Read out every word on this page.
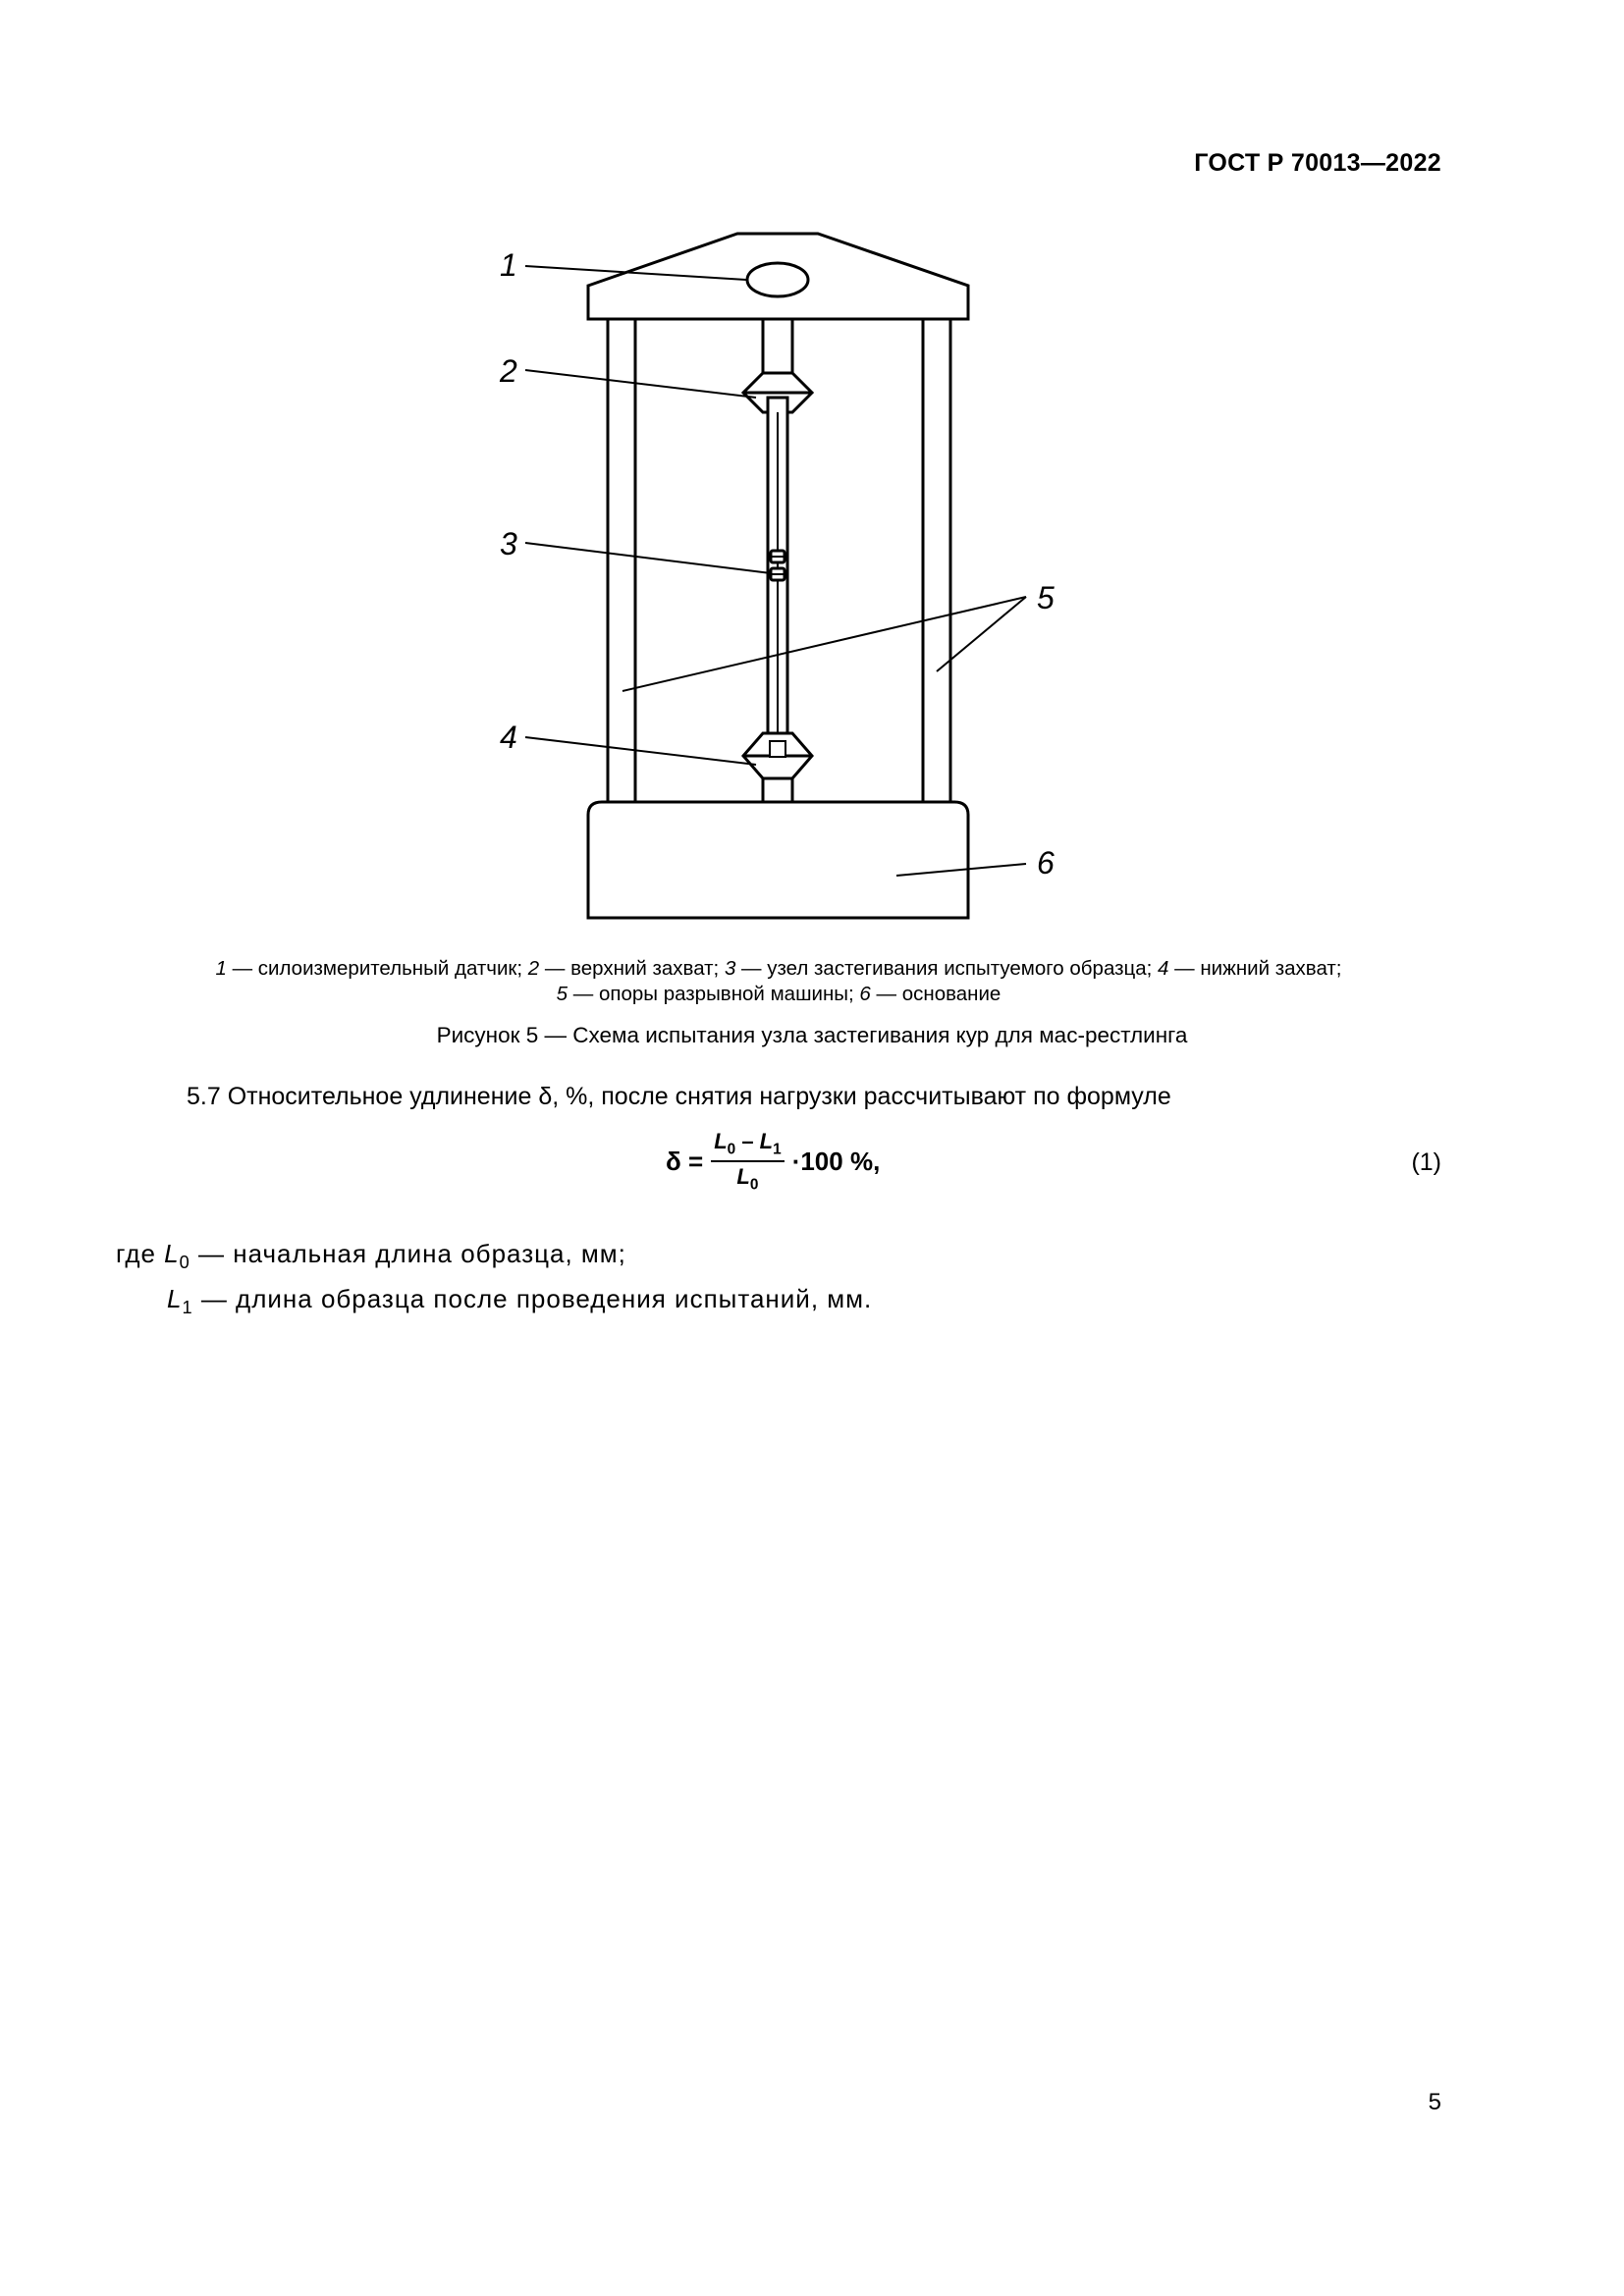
ГОСТ Р 70013—2022
1
2
3
4
5
6
1 — силоизмерительный датчик; 2 — верхний захват; 3 — узел застегивания испытуемого образца; 4 — нижний захват;
5 — опоры разрывной машины; 6 — основание
Рисунок 5 — Схема испытания узла застегивания кур для мас-рестлинга
5.7 Относительное удлинение δ, %, после снятия нагрузки рассчитывают по формуле
$\delta = \frac{L_0 - L_1}{L_0} \cdot 100$ %,	(1)
где $L_0$ — начальная длина образца, мм;
$L_1$ — длина образца после проведения испытаний, мм.
5
